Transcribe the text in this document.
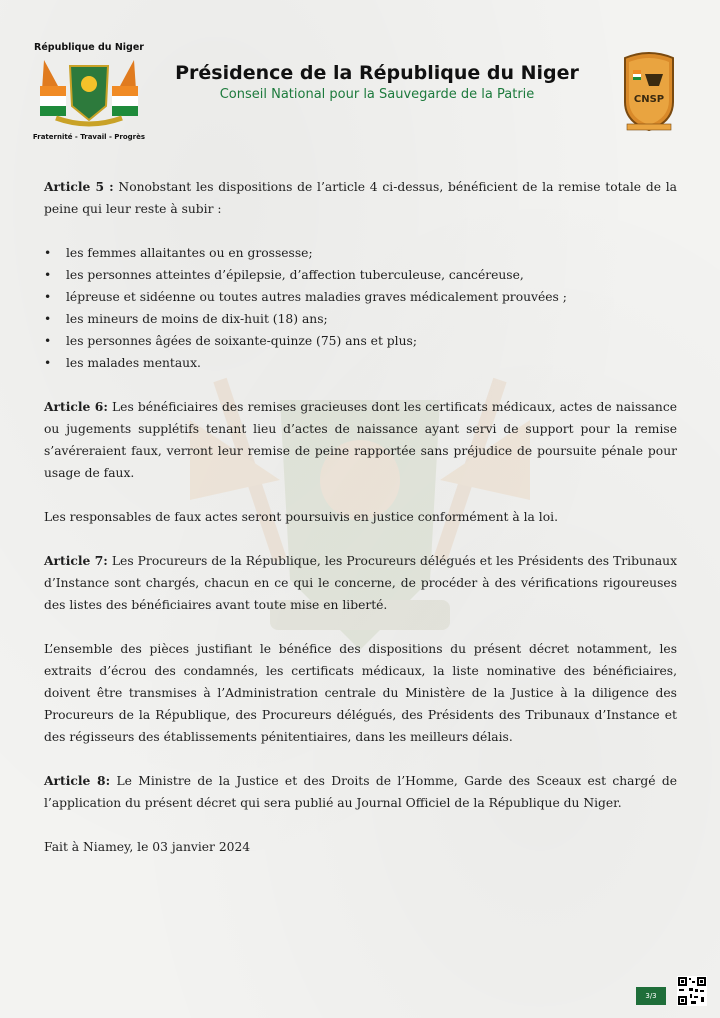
République du Niger
Fraternité - Travail - Progrès
Présidence de la République du Niger
Conseil National pour la Sauvegarde de la Patrie	CNSP

Article 5 : Nonobstant les dispositions de l’article 4 ci-dessus, bénéficient de la remise totale de la peine qui leur reste à subir :

• les femmes allaitantes ou en grossesse;
• les personnes atteintes d’épilepsie, d’affection tuberculeuse, cancéreuse,
• lépreuse et sidéenne ou toutes autres maladies graves médicalement prouvées ;
• les mineurs de moins de dix-huit (18) ans;
• les personnes âgées de soixante-quinze (75) ans et plus;
• les malades mentaux.

Article 6: Les bénéficiaires des remises gracieuses dont les certificats médicaux, actes de naissance ou jugements supplétifs tenant lieu d’actes de naissance ayant servi de support pour la remise s’avéreraient faux, verront leur remise de peine rapportée sans préjudice de poursuite pénale pour usage de faux.

Les responsables de faux actes seront poursuivis en justice conformément à la loi.

Article 7: Les Procureurs de la République, les Procureurs délégués et les Présidents des Tribunaux d’Instance sont chargés, chacun en ce qui le concerne, de procéder à des vérifications rigoureuses des listes des bénéficiaires avant toute mise en liberté.

L’ensemble des pièces justifiant le bénéfice des dispositions du présent décret notamment, les extraits d’écrou des condamnés, les certificats médicaux, la liste nominative des bénéficiaires, doivent être transmises à l’Administration centrale du Ministère de la Justice à la diligence des Procureurs de la République, des Procureurs délégués, des Présidents des Tribunaux d’Instance et des régisseurs des établissements pénitentiaires, dans les meilleurs délais.

Article 8: Le Ministre de la Justice et des Droits de l’Homme, Garde des Sceaux est chargé de l’application du présent décret qui sera publié au Journal Officiel de la République du Niger.

Fait à Niamey, le 03 janvier 2024

3/3
